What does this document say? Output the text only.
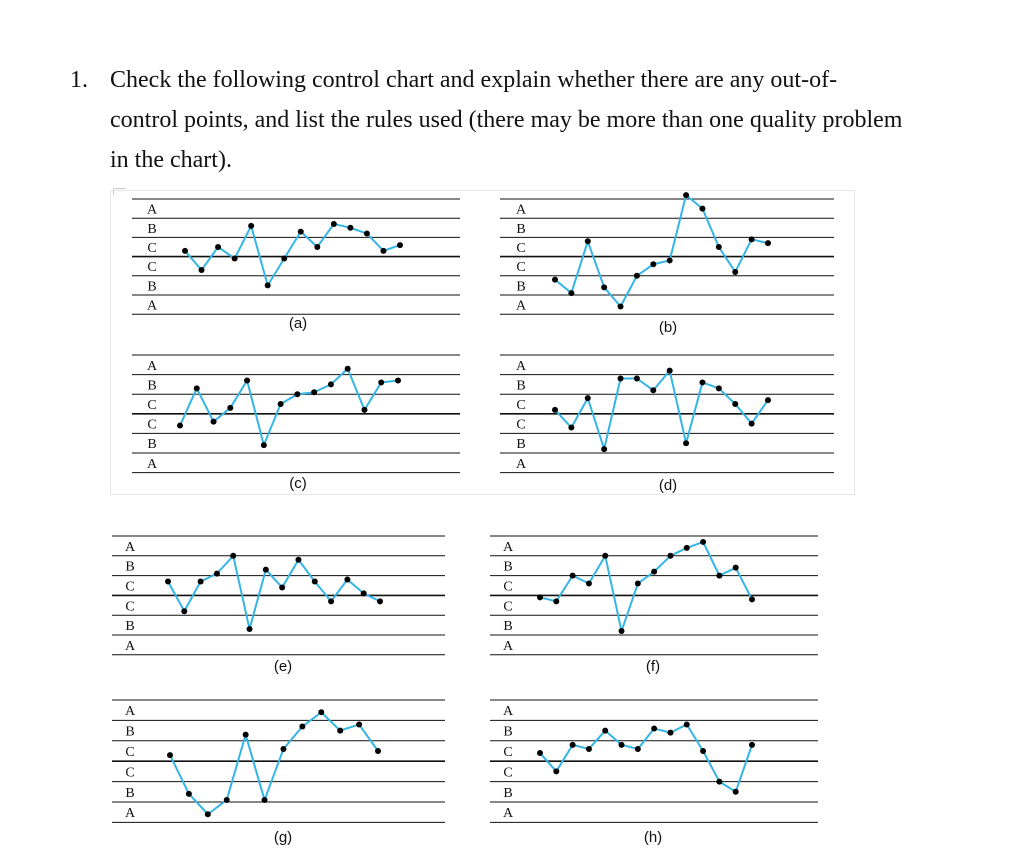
1. Check the following control chart and explain whether there are any out-of-
control points, and list the rules used (there may be more than one quality problem
in the chart).
A
B
C
C
B
A
(a)
A
B
C
C
B
A
(b)
A
B
C
C
B
A
(c)
A
B
C
C
B
A
(d)
A
B
C
C
B
A
(e)
A
B
C
C
B
A
(f)
A
B
C
C
B
A
(g)
A
B
C
C
B
A
(h)
